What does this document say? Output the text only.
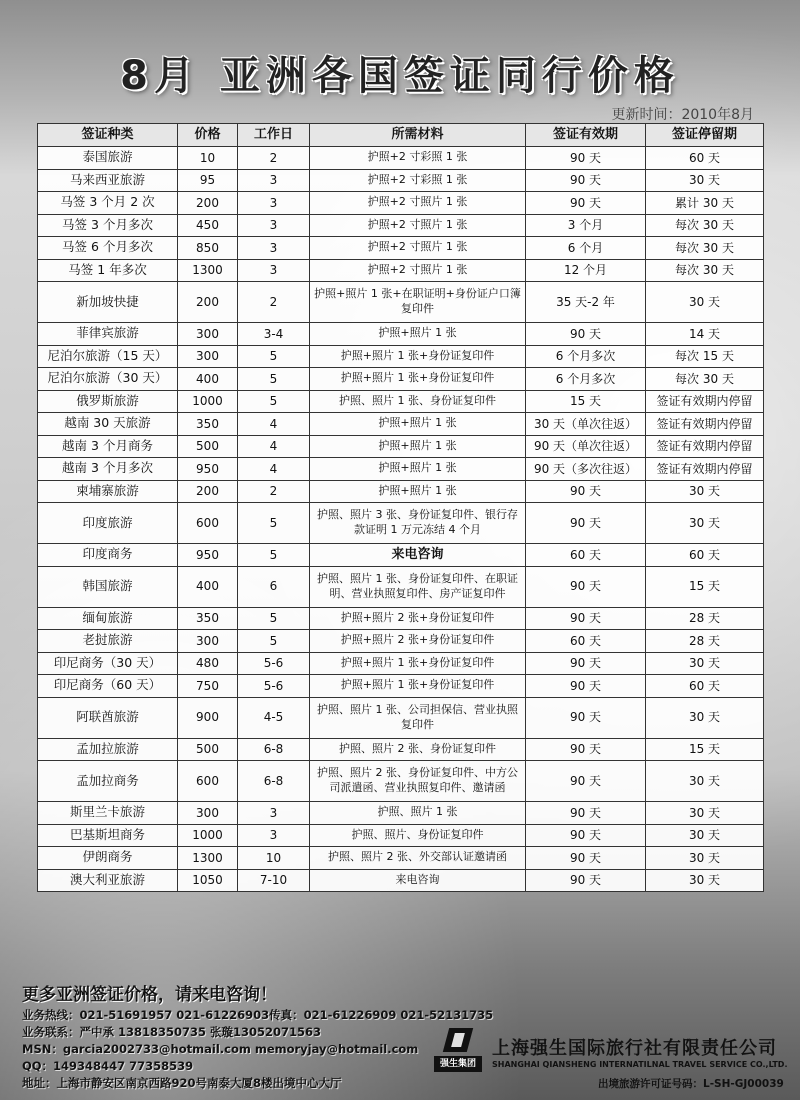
8月 亚洲各国签证同行价格
更新时间：2010年8月
签证种类	价格	工作日	所需材料	签证有效期	签证停留期
泰国旅游	10	2	护照+2 寸彩照 1 张	90 天	60 天
马来西亚旅游	95	3	护照+2 寸彩照 1 张	90 天	30 天
马签 3 个月 2 次	200	3	护照+2 寸照片 1 张	90 天	累计 30 天
马签 3 个月多次	450	3	护照+2 寸照片 1 张	3 个月	每次 30 天
马签 6 个月多次	850	3	护照+2 寸照片 1 张	6 个月	每次 30 天
马签 1 年多次	1300	3	护照+2 寸照片 1 张	12 个月	每次 30 天
新加坡快捷	200	2	护照+照片 1 张+在职证明+身份证户口簿复印件	35 天-2 年	30 天
菲律宾旅游	300	3-4	护照+照片 1 张	90 天	14 天
尼泊尔旅游（15 天）	300	5	护照+照片 1 张+身份证复印件	6 个月多次	每次 15 天
尼泊尔旅游（30 天）	400	5	护照+照片 1 张+身份证复印件	6 个月多次	每次 30 天
俄罗斯旅游	1000	5	护照、照片 1 张、身份证复印件	15 天	签证有效期内停留
越南 30 天旅游	350	4	护照+照片 1 张	30 天（单次往返）	签证有效期内停留
越南 3 个月商务	500	4	护照+照片 1 张	90 天（单次往返）	签证有效期内停留
越南 3 个月多次	950	4	护照+照片 1 张	90 天（多次往返）	签证有效期内停留
柬埔寨旅游	200	2	护照+照片 1 张	90 天	30 天
印度旅游	600	5	护照、照片 3 张、身份证复印件、银行存款证明 1 万元冻结 4 个月	90 天	30 天
印度商务	950	5	来电咨询	60 天	60 天
韩国旅游	400	6	护照、照片 1 张、身份证复印件、在职证明、营业执照复印件、房产证复印件	90 天	15 天
缅甸旅游	350	5	护照+照片 2 张+身份证复印件	90 天	28 天
老挝旅游	300	5	护照+照片 2 张+身份证复印件	60 天	28 天
印尼商务（30 天）	480	5-6	护照+照片 1 张+身份证复印件	90 天	30 天
印尼商务（60 天）	750	5-6	护照+照片 1 张+身份证复印件	90 天	60 天
阿联酋旅游	900	4-5	护照、照片 1 张、公司担保信、营业执照复印件	90 天	30 天
孟加拉旅游	500	6-8	护照、照片 2 张、身份证复印件	90 天	15 天
孟加拉商务	600	6-8	护照、照片 2 张、身份证复印件、中方公司派遣函、营业执照复印件、邀请函	90 天	30 天
斯里兰卡旅游	300	3	护照、照片 1 张	90 天	30 天
巴基斯坦商务	1000	3	护照、照片、身份证复印件	90 天	30 天
伊朗商务	1300	10	护照、照片 2 张、外交部认证邀请函	90 天	30 天
澳大利亚旅游	1050	7-10	来电咨询	90 天	30 天
更多亚洲签证价格，请来电咨询！
业务热线：021-51691957 021-61226903传真：021-61226909 021-52131735
业务联系：严中承 13818350735 张璇13052071563
MSN：garcia2002733@hotmail.com memoryjay@hotmail.com
QQ：149348447 77358539
地址：上海市静安区南京西路920号南泰大厦8楼出境中心大厅
强生集团
上海强生国际旅行社有限责任公司
SHANGHAI QIANSHENG INTERNATILNAL TRAVEL SERVICE CO.,LTD.
出境旅游许可证号码：L-SH-GJ00039
